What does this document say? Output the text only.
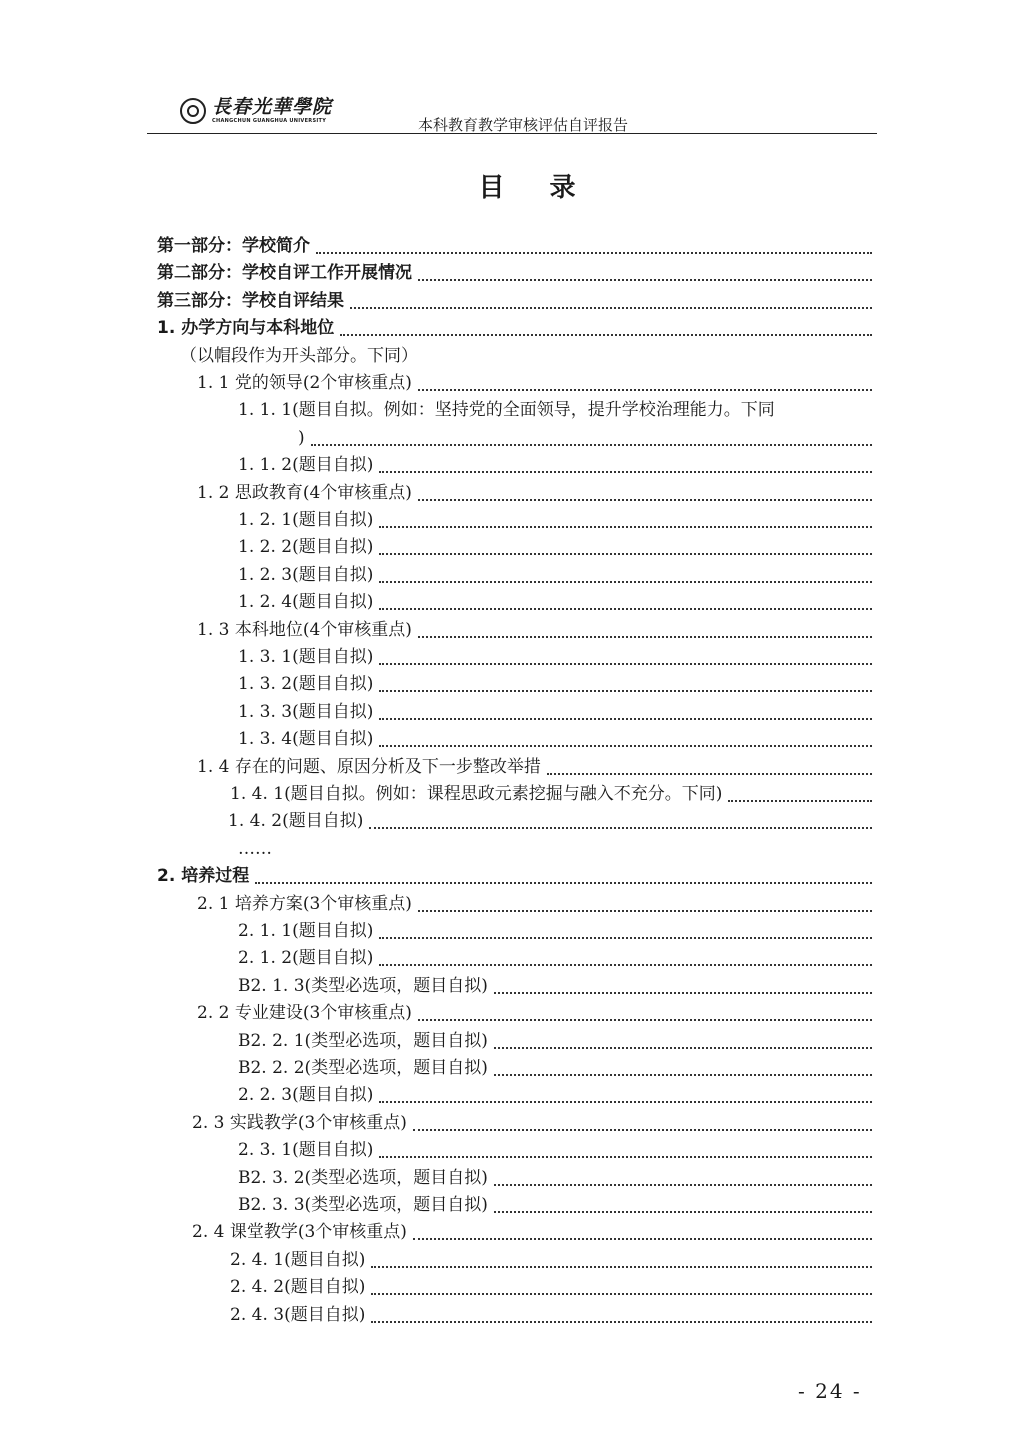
長春光華學院
CHANGCHUN GUANGHUA UNIVERSITY	本科教育教学审核评估自评报告
目 录
第一部分：学校简介
第二部分：学校自评工作开展情况
第三部分：学校自评结果
1. 办学方向与本科地位
（以帽段作为开头部分。下同）
1. 1 党的领导(2个审核重点)
1. 1. 1(题目自拟。例如：坚持党的全面领导，提升学校治理能力。下同
)
1. 1. 2(题目自拟)
1. 2 思政教育(4个审核重点)
1. 2. 1(题目自拟)
1. 2. 2(题目自拟)
1. 2. 3(题目自拟)
1. 2. 4(题目自拟)
1. 3 本科地位(4个审核重点)
1. 3. 1(题目自拟)
1. 3. 2(题目自拟)
1. 3. 3(题目自拟)
1. 3. 4(题目自拟)
1. 4 存在的问题、原因分析及下一步整改举措
1. 4. 1(题目自拟。例如：课程思政元素挖掘与融入不充分。下同)
1. 4. 2(题目自拟)
……
2. 培养过程
2. 1 培养方案(3个审核重点)
2. 1. 1(题目自拟)
2. 1. 2(题目自拟)
B2. 1. 3(类型必选项，题目自拟)
2. 2 专业建设(3个审核重点)
B2. 2. 1(类型必选项，题目自拟)
B2. 2. 2(类型必选项，题目自拟)
2. 2. 3(题目自拟)
2. 3 实践教学(3个审核重点)
2. 3. 1(题目自拟)
B2. 3. 2(类型必选项，题目自拟)
B2. 3. 3(类型必选项，题目自拟)
2. 4 课堂教学(3个审核重点)
2. 4. 1(题目自拟)
2. 4. 2(题目自拟)
2. 4. 3(题目自拟)
- 24 -
